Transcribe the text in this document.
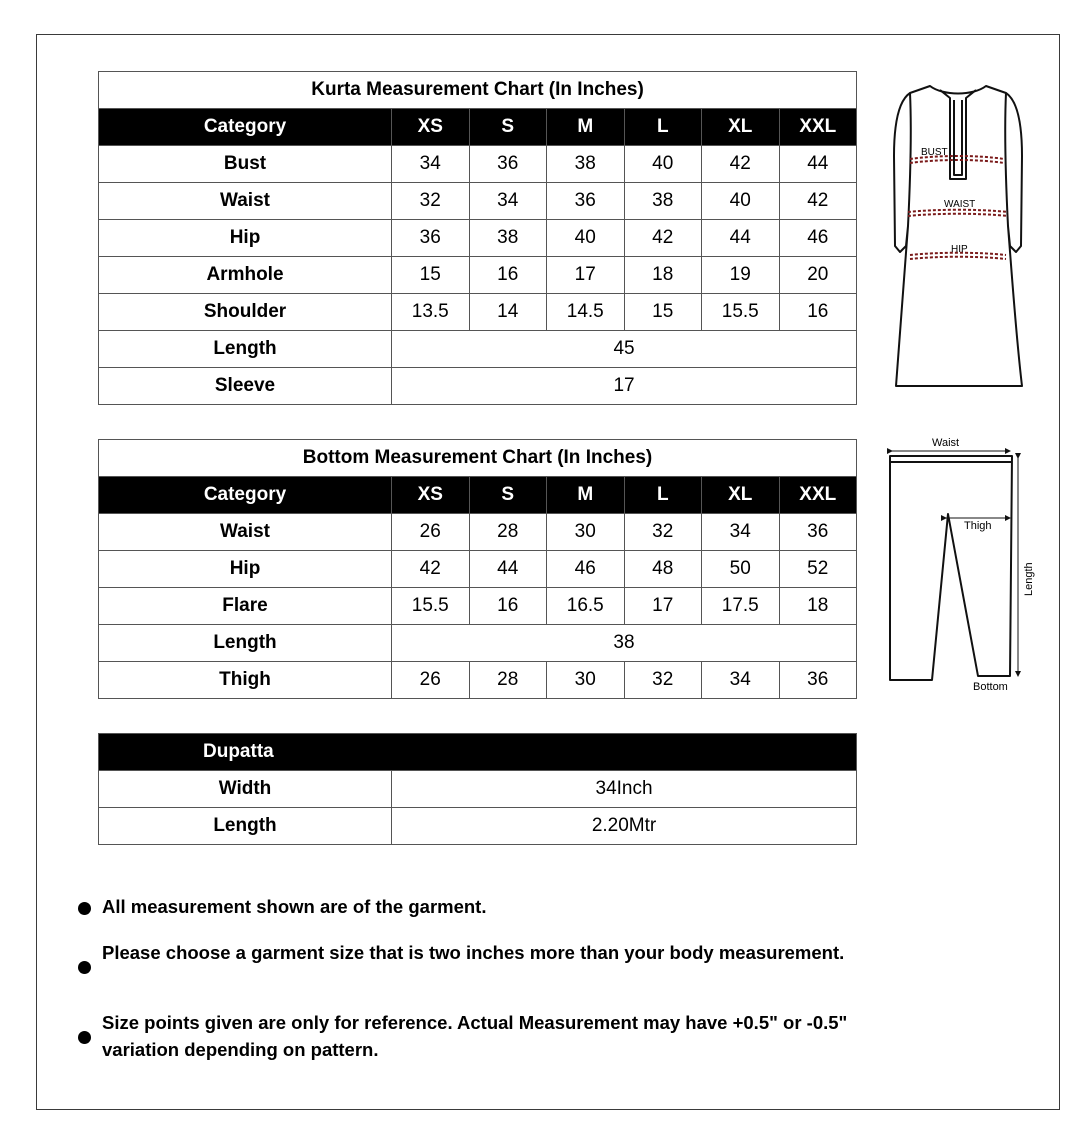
Kurta Measurement Chart (In Inches)						
Category	XS	S	M	L	XL	XXL
Bust	34	36	38	40	42	44
Waist	32	34	36	38	40	42
Hip	36	38	40	42	44	46
Armhole	15	16	17	18	19	20
Shoulder	13.5	14	14.5	15	15.5	16
Length	45					
Sleeve	17					
Bottom Measurement Chart (In Inches)						
Category	XS	S	M	L	XL	XXL
Waist	26	28	30	32	34	36
Hip	42	44	46	48	50	52
Flare	15.5	16	16.5	17	17.5	18
Length	38					
Thigh	26	28	30	32	34	36
Dupatta	
Width	34Inch
Length	2.20Mtr
BUST
WAIST
HIP
Waist
Thigh
Length
Bottom
All measurement shown are of the garment.
Please choose a garment size that is two inches more than your body measurement.
Size points given are only for reference. Actual Measurement may have +0.5" or -0.5" variation depending on pattern.
